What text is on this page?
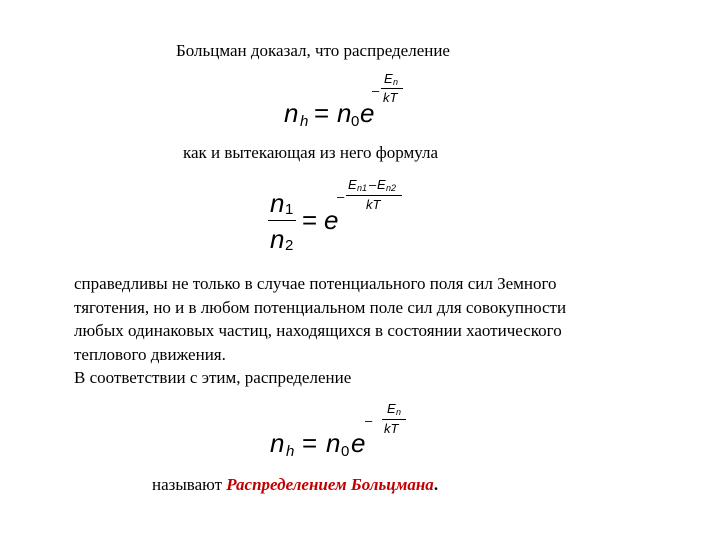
Больцман доказал, что распределение
n h = n 0 e
–
E n
kT
как и вытекающая из него формула
n 1
n 2
= e
–
E n1 – E n2
kT
справедливы не только в случае потенциального поля сил Земного
тяготения, но и в любом потенциальном поле сил для совокупности
любых одинаковых частиц, находящихся в состоянии хаотического
теплового движения.
В соответствии с этим, распределение
n h = n 0 e
–
E n
kT
называют Распределением Больцмана.
